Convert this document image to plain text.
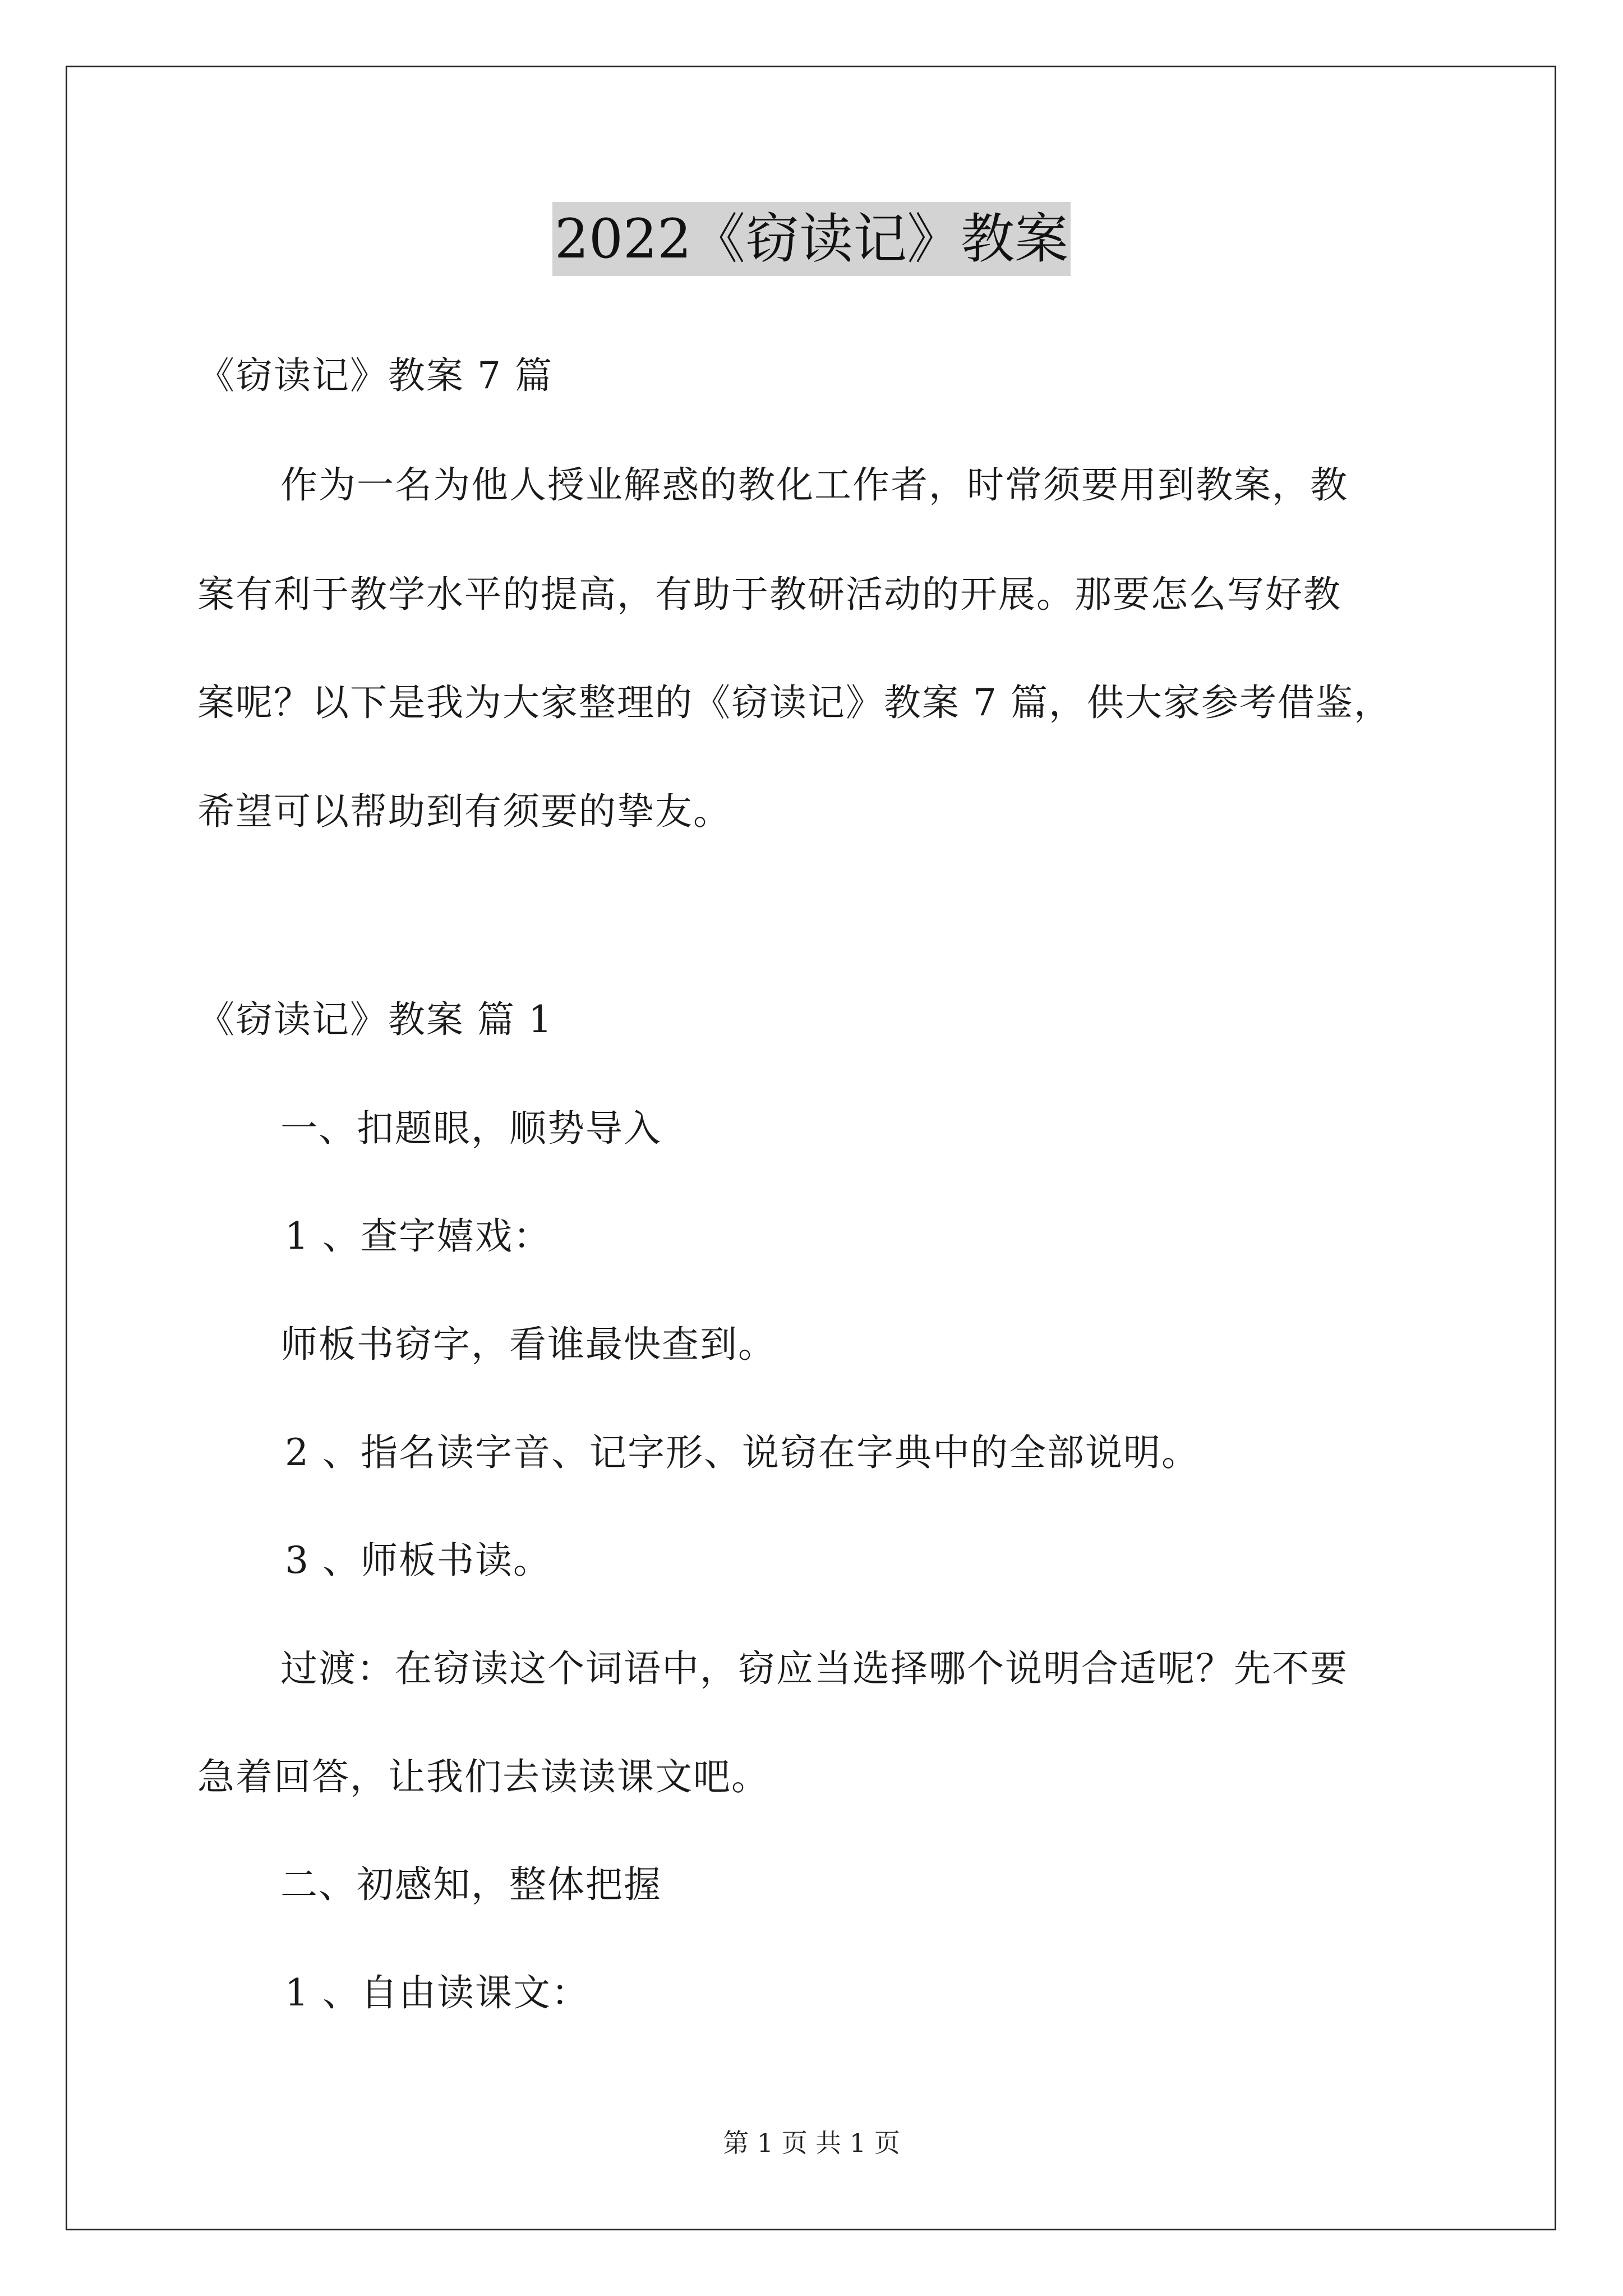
2022《窃读记》教案
《窃读记》教案 7 篇
作为一名为他人授业解惑的教化工作者，时常须要用到教案，教
案有利于教学水平的提高，有助于教研活动的开展。那要怎么写好教
案呢？以下是我为大家整理的《窃读记》教案 7 篇，供大家参考借鉴，
希望可以帮助到有须要的挚友。
《窃读记》教案 篇 1
一、扣题眼，顺势导入
1 、查字嬉戏：
师板书窃字，看谁最快查到。
2 、指名读字音、记字形、说窃在字典中的全部说明。
3 、师板书读。
过渡：在窃读这个词语中，窃应当选择哪个说明合适呢？先不要
急着回答，让我们去读读课文吧。
二、初感知，整体把握
1 、自由读课文：
第 1 页 共 1 页
